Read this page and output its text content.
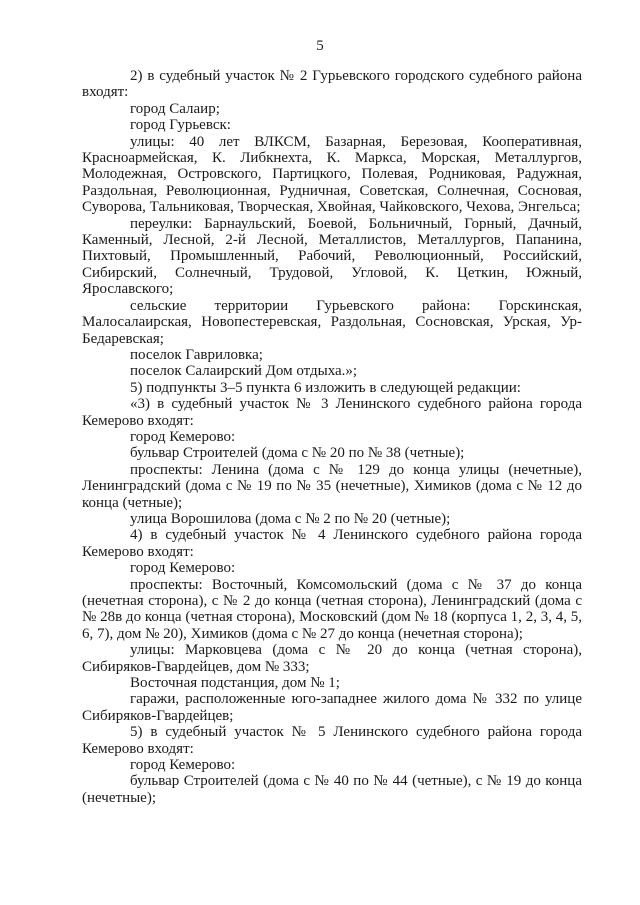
5

2) в судебный участок № 2 Гурьевского городского судебного района входят:

город Салаир;

город Гурьевск:

улицы: 40 лет ВЛКСМ, Базарная, Березовая, Кооперативная, Красноармейская, К. Либкнехта, К. Маркса, Морская, Металлургов, Молодежная, Островского, Партицкого, Полевая, Родниковая, Радужная, Раздольная, Революционная, Рудничная, Советская, Солнечная, Сосновая, Суворова, Тальниковая, Творческая, Хвойная, Чайковского, Чехова, Энгельса;

переулки: Барнаульский, Боевой, Больничный, Горный, Дачный, Каменный, Лесной, 2-й Лесной, Металлистов, Металлургов, Папанина, Пихтовый, Промышленный, Рабочий, Революционный, Российский, Сибирский, Солнечный, Трудовой, Угловой, К. Цеткин, Южный, Ярославского;

сельские территории Гурьевского района: Горскинская, Малосалаирская, Новопестеревская, Раздольная, Сосновская, Урская, Ур-Бедаревская;

поселок Гавриловка;

поселок Салаирский Дом отдыха.»;

5) подпункты 3–5 пункта 6 изложить в следующей редакции:

«3) в судебный участок № 3 Ленинского судебного района города Кемерово входят:

город Кемерово:

бульвар Строителей (дома с № 20 по № 38 (четные);

проспекты: Ленина (дома с № 129 до конца улицы (нечетные), Ленинградский (дома с № 19 по № 35 (нечетные), Химиков (дома с № 12 до конца (четные);

улица Ворошилова (дома с № 2 по № 20 (четные);

4) в судебный участок № 4 Ленинского судебного района города Кемерово входят:

город Кемерово:

проспекты: Восточный, Комсомольский (дома с № 37 до конца (нечетная сторона), с № 2 до конца (четная сторона), Ленинградский (дома с № 28в до конца (четная сторона), Московский (дом № 18 (корпуса 1, 2, 3, 4, 5, 6, 7), дом № 20), Химиков (дома с № 27 до конца (нечетная сторона);

улицы: Марковцева (дома с № 20 до конца (четная сторона), Сибиряков-Гвардейцев, дом № 333;

Восточная подстанция, дом № 1;

гаражи, расположенные юго-западнее жилого дома № 332 по улице Сибиряков-Гвардейцев;

5) в судебный участок № 5 Ленинского судебного района города Кемерово входят:

город Кемерово:

бульвар Строителей (дома с № 40 по № 44 (четные), с № 19 до конца (нечетные);
